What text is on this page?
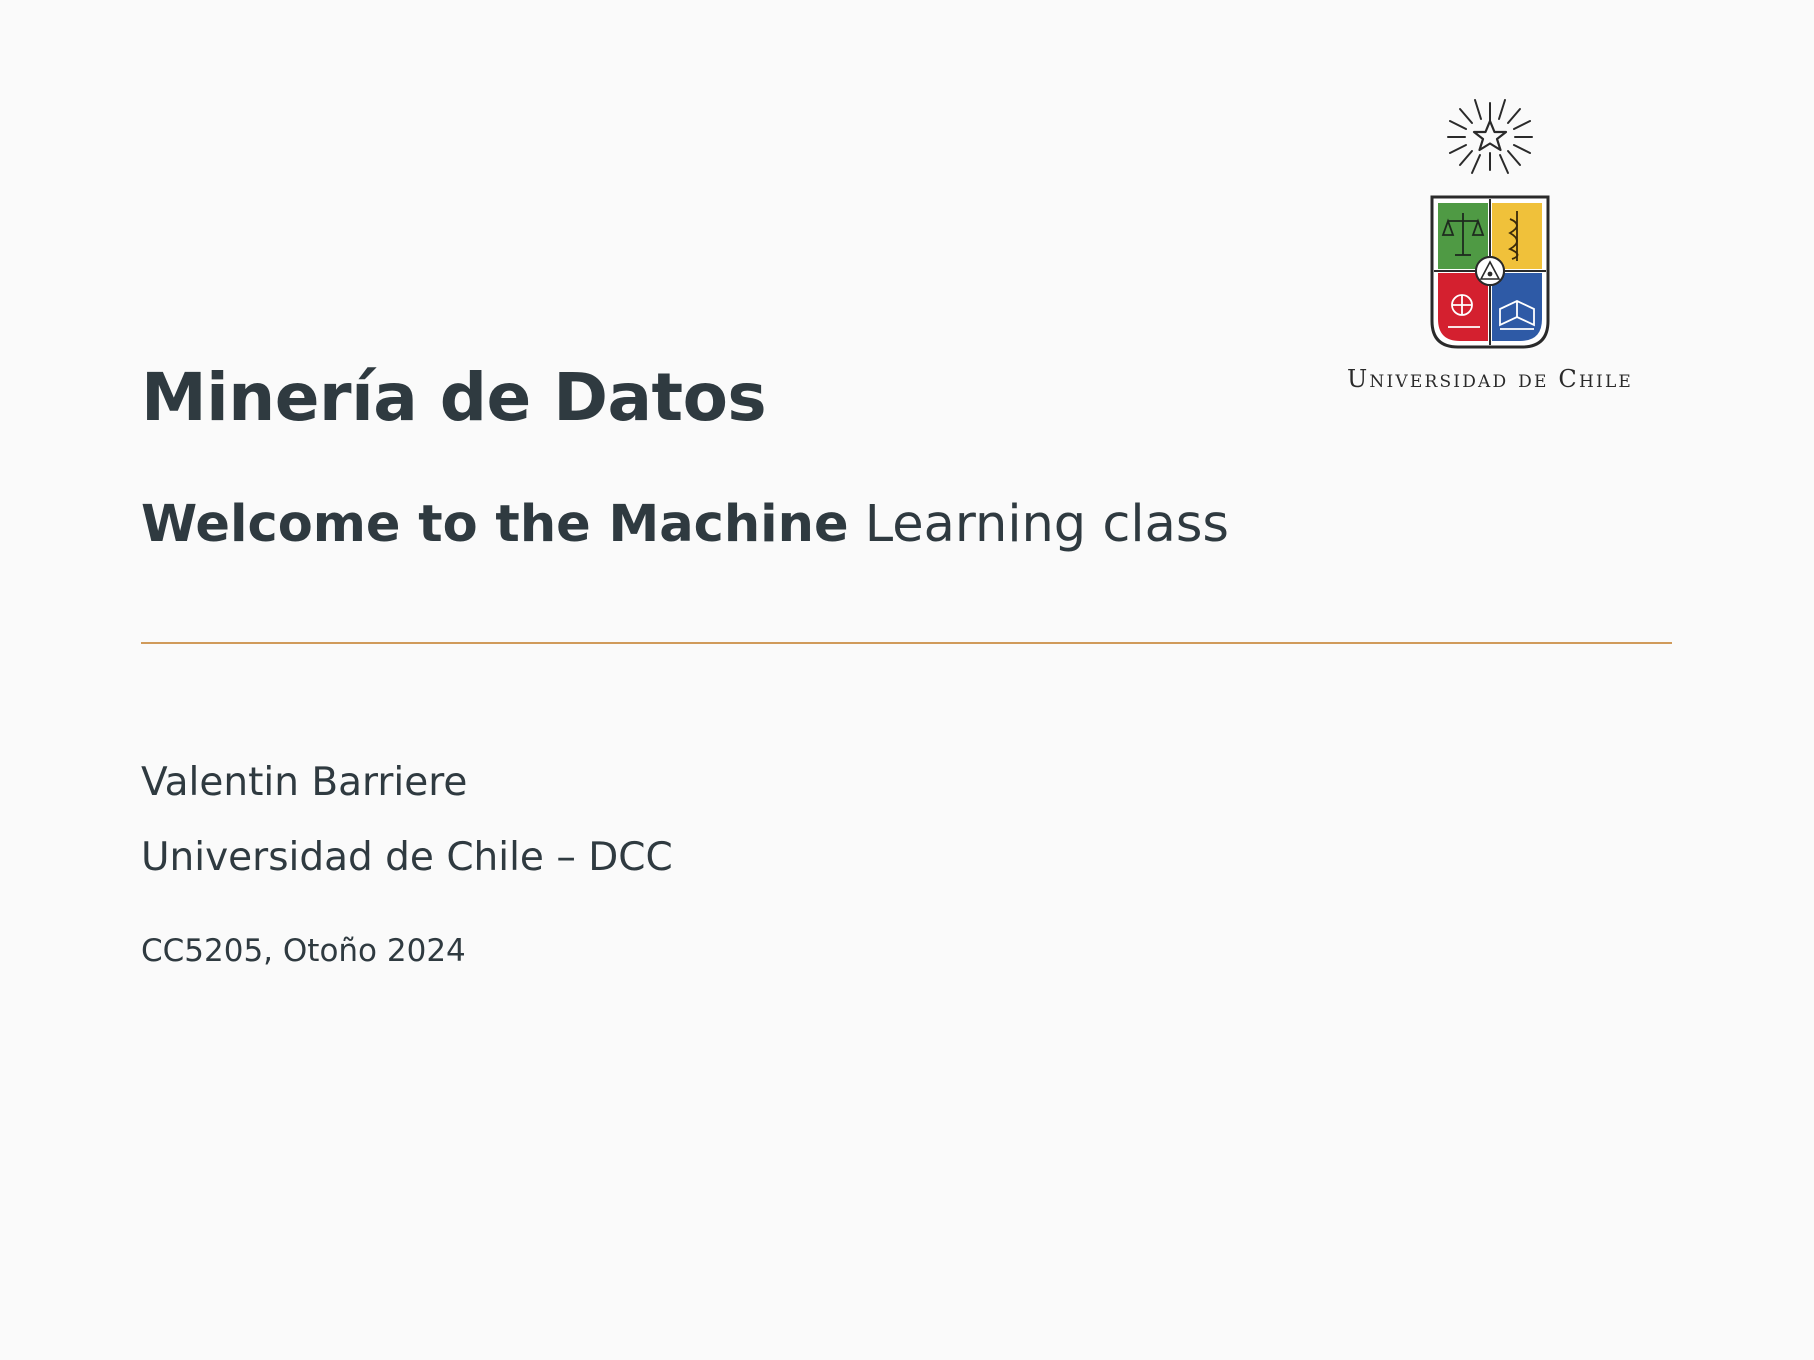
Universidad de Chile
Minería de Datos
Welcome to the Machine Learning class
Valentin Barriere
Universidad de Chile – DCC
CC5205, Otoño 2024
